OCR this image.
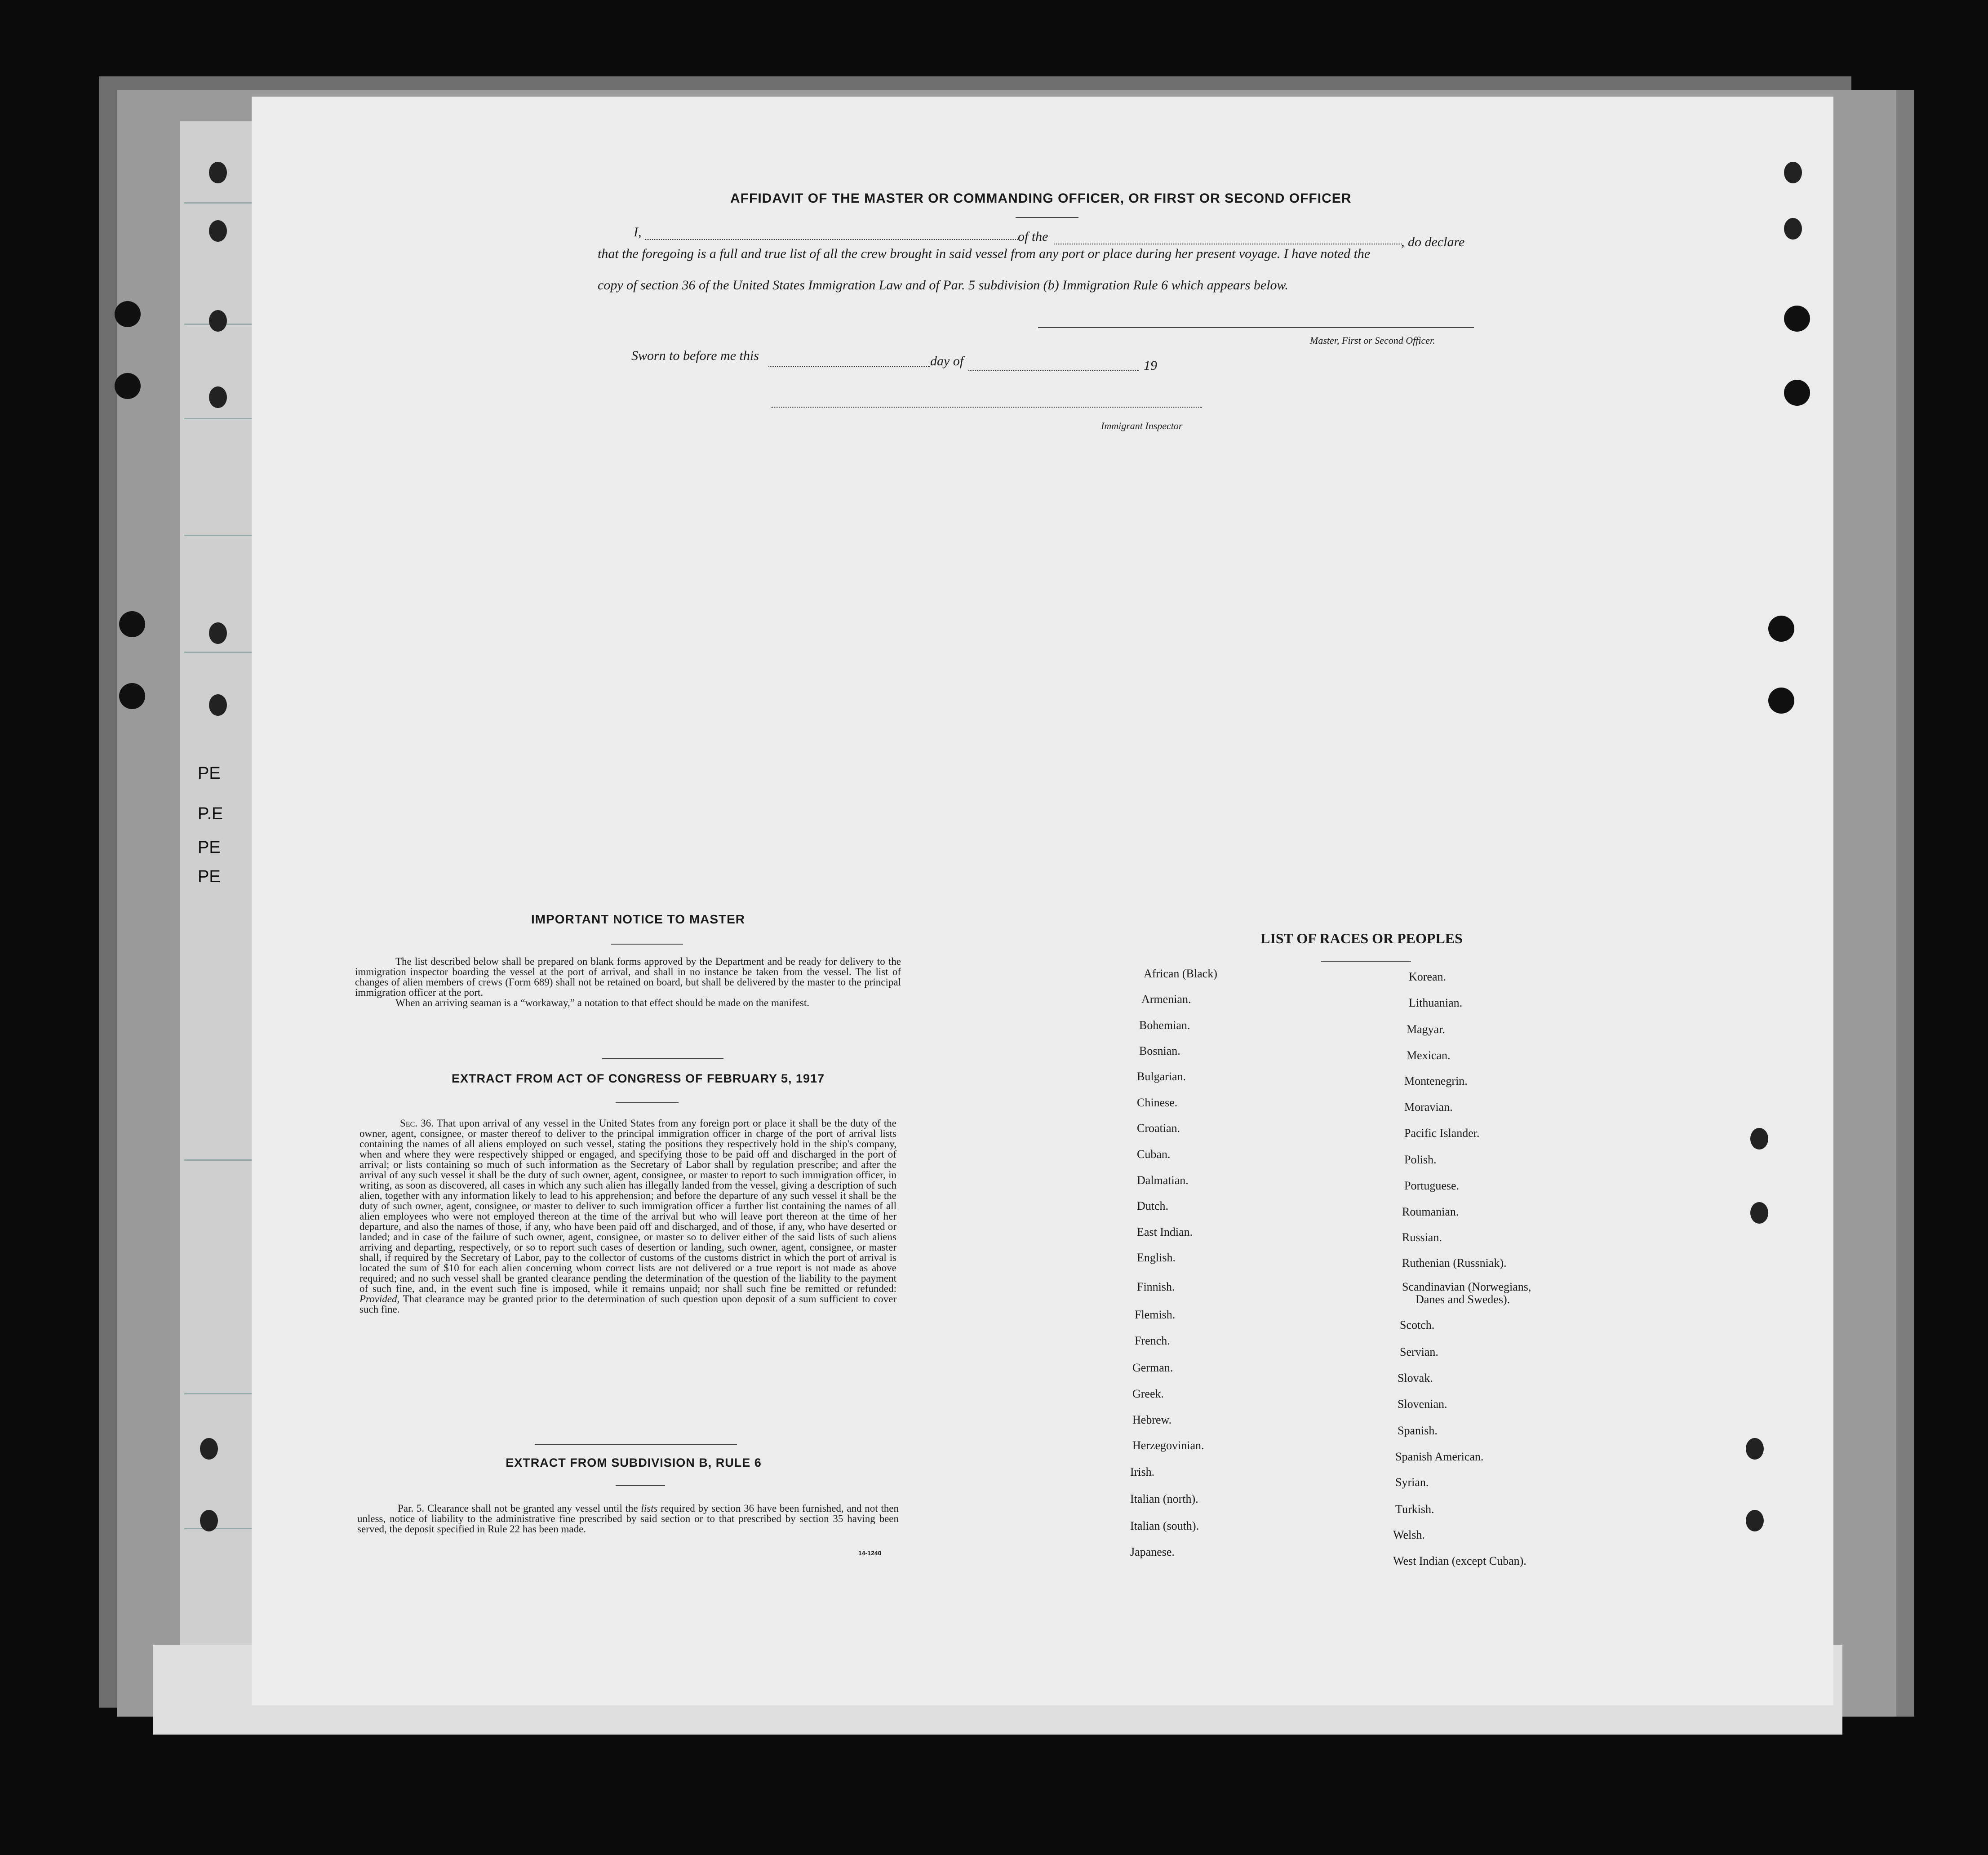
PE
P.E
PE
PE
AFFIDAVIT OF THE MASTER OR COMMANDING OFFICER, OR FIRST OR SECOND OFFICER
I,	of the	, do declare
that the foregoing is a full and true list of all the crew brought in said vessel from any port or place during her present voyage. I have noted the
copy of section 36 of the United States Immigration Law and of Par. 5 subdivision (b) Immigration Rule 6 which appears below.
Master, First or Second Officer.
Sworn to before me this	day of	19
Immigrant Inspector
IMPORTANT NOTICE TO MASTER

The list described below shall be prepared on blank forms approved by the Department and be ready for delivery to the immigration inspector boarding the vessel at the port of arrival, and shall in no instance be taken from the vessel. The list of changes of alien members of crews (Form 689) shall not be retained on board, but shall be delivered by the master to the principal immigration officer at the port.

When an arriving seaman is a “workaway,” a notation to that effect should be made on the manifest.

EXTRACT FROM ACT OF CONGRESS OF FEBRUARY 5, 1917

Sec. 36. That upon arrival of any vessel in the United States from any foreign port or place it shall be the duty of the owner, agent, consignee, or master thereof to deliver to the principal immigration officer in charge of the port of arrival lists containing the names of all aliens employed on such vessel, stating the positions they respectively hold in the ship's company, when and where they were respectively shipped or engaged, and specifying those to be paid off and discharged in the port of arrival; or lists containing so much of such information as the Secretary of Labor shall by regulation prescribe; and after the arrival of any such vessel it shall be the duty of such owner, agent, consignee, or master to report to such immigration officer, in writing, as soon as discovered, all cases in which any such alien has illegally landed from the vessel, giving a description of such alien, together with any information likely to lead to his apprehension; and before the departure of any such vessel it shall be the duty of such owner, agent, consignee, or master to deliver to such immigration officer a further list containing the names of all alien employees who were not employed thereon at the time of the arrival but who will leave port thereon at the time of her departure, and also the names of those, if any, who have been paid off and discharged, and of those, if any, who have deserted or landed; and in case of the failure of such owner, agent, consignee, or master so to deliver either of the said lists of such aliens arriving and departing, respectively, or so to report such cases of desertion or landing, such owner, agent, consignee, or master shall, if required by the Secretary of Labor, pay to the collector of customs of the customs district in which the port of arrival is located the sum of $10 for each alien concerning whom correct lists are not delivered or a true report is not made as above required; and no such vessel shall be granted clearance pending the determination of the question of the liability to the payment of such fine, and, in the event such fine is imposed, while it remains unpaid; nor shall such fine be remitted or refunded: Provided, That clearance may be granted prior to the determination of such question upon deposit of a sum sufficient to cover such fine.

EXTRACT FROM SUBDIVISION B, RULE 6

Par. 5. Clearance shall not be granted any vessel until the lists required by section 36 have been furnished, and not then unless, notice of liability to the administrative fine prescribed by said section or to that prescribed by section 35 having been served, the deposit specified in Rule 22 has been made.

14-1240
LIST OF RACES OR PEOPLES
African (Black)
Armenian.
Bohemian.
Bosnian.
Bulgarian.
Chinese.
Croatian.
Cuban.
Dalmatian.
Dutch.
East Indian.
English.
Finnish.
Flemish.
French.
German.
Greek.
Hebrew.
Herzegovinian.
Irish.
Italian (north).
Italian (south).
Japanese.
Korean.
Lithuanian.
Magyar.
Mexican.
Montenegrin.
Moravian.
Pacific Islander.
Polish.
Portuguese.
Roumanian.
Russian.
Ruthenian (Russniak).
Scandinavian (Norwegians,
Scotch.
Servian.
Slovak.
Slovenian.
Spanish.
Spanish American.
Syrian.
Turkish.
Welsh.
West Indian (except Cuban).
Danes and Swedes).
